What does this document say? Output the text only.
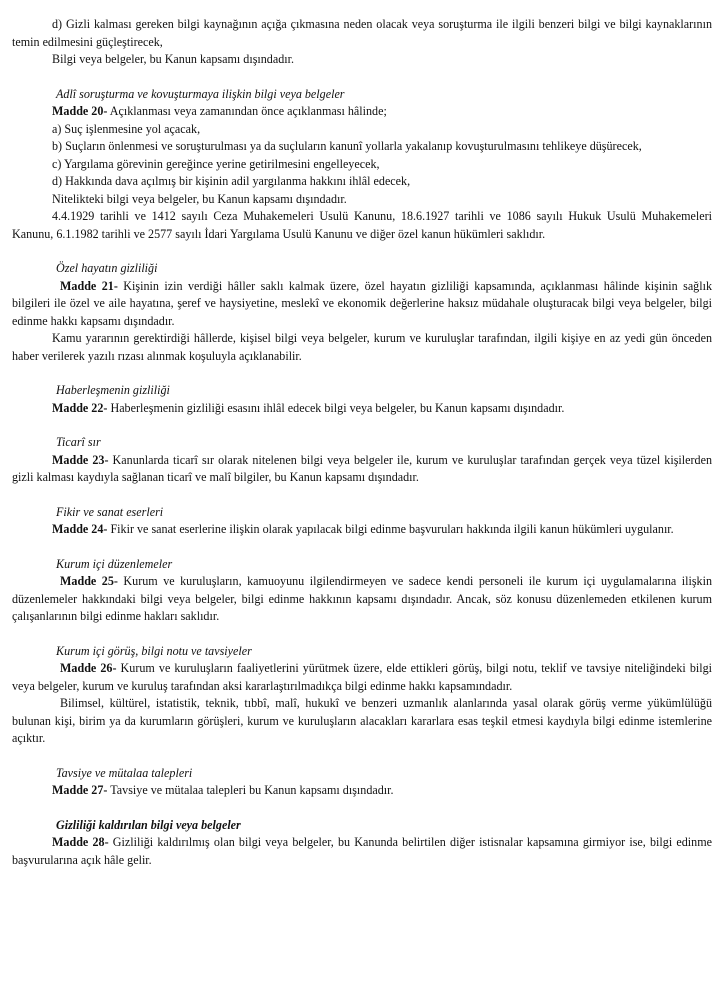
d) Gizli kalması gereken bilgi kaynağının açığa çıkmasına neden olacak veya soruşturma ile ilgili benzeri bilgi ve bilgi kaynaklarının temin edilmesini güçleştirecek,

Bilgi veya belgeler, bu Kanun kapsamı dışındadır.

Adlî soruşturma ve kovuşturmaya ilişkin bilgi veya belgeler

Madde 20- Açıklanması veya zamanından önce açıklanması hâlinde;

a) Suç işlenmesine yol açacak,

b) Suçların önlenmesi ve soruşturulması ya da suçluların kanunî yollarla yakalanıp kovuşturulmasını tehlikeye düşürecek,

c) Yargılama görevinin gereğince yerine getirilmesini engelleyecek,

d) Hakkında dava açılmış bir kişinin adil yargılanma hakkını ihlâl edecek,

Nitelikteki bilgi veya belgeler, bu Kanun kapsamı dışındadır.

4.4.1929 tarihli ve 1412 sayılı Ceza Muhakemeleri Usulü Kanunu, 18.6.1927 tarihli ve 1086 sayılı Hukuk Usulü Muhakemeleri Kanunu, 6.1.1982 tarihli ve 2577 sayılı İdari Yargılama Usulü Kanunu ve diğer özel kanun hükümleri saklıdır.

Özel hayatın gizliliği

Madde 21- Kişinin izin verdiği hâller saklı kalmak üzere, özel hayatın gizliliği kapsamında, açıklanması hâlinde kişinin sağlık bilgileri ile özel ve aile hayatına, şeref ve haysiyetine, meslekî ve ekonomik değerlerine haksız müdahale oluşturacak bilgi veya belgeler, bilgi edinme hakkı kapsamı dışındadır.

Kamu yararının gerektirdiği hâllerde, kişisel bilgi veya belgeler, kurum ve kuruluşlar tarafından, ilgili kişiye en az yedi gün önceden haber verilerek yazılı rızası alınmak koşuluyla açıklanabilir.

Haberleşmenin gizliliği

Madde 22- Haberleşmenin gizliliği esasını ihlâl edecek bilgi veya belgeler, bu Kanun kapsamı dışındadır.

Ticarî sır

Madde 23- Kanunlarda ticarî sır olarak nitelenen bilgi veya belgeler ile, kurum ve kuruluşlar tarafından gerçek veya tüzel kişilerden gizli kalması kaydıyla sağlanan ticarî ve malî bilgiler, bu Kanun kapsamı dışındadır.

Fikir ve sanat eserleri

Madde 24- Fikir ve sanat eserlerine ilişkin olarak yapılacak bilgi edinme başvuruları hakkında ilgili kanun hükümleri uygulanır.

Kurum içi düzenlemeler

Madde 25- Kurum ve kuruluşların, kamuoyunu ilgilendirmeyen ve sadece kendi personeli ile kurum içi uygulamalarına ilişkin düzenlemeler hakkındaki bilgi veya belgeler, bilgi edinme hakkının kapsamı dışındadır. Ancak, söz konusu düzenlemeden etkilenen kurum çalışanlarının bilgi edinme hakları saklıdır.

Kurum içi görüş, bilgi notu ve tavsiyeler

Madde 26- Kurum ve kuruluşların faaliyetlerini yürütmek üzere, elde ettikleri görüş, bilgi notu, teklif ve tavsiye niteliğindeki bilgi veya belgeler, kurum ve kuruluş tarafından aksi kararlaştırılmadıkça bilgi edinme hakkı kapsamındadır.

Bilimsel, kültürel, istatistik, teknik, tıbbî, malî, hukukî ve benzeri uzmanlık alanlarında yasal olarak görüş verme yükümlülüğü bulunan kişi, birim ya da kurumların görüşleri, kurum ve kuruluşların alacakları kararlara esas teşkil etmesi kaydıyla bilgi edinme istemlerine açıktır.

Tavsiye ve mütalaa talepleri

Madde 27- Tavsiye ve mütalaa talepleri bu Kanun kapsamı dışındadır.

Gizliliği kaldırılan bilgi veya belgeler

Madde 28- Gizliliği kaldırılmış olan bilgi veya belgeler, bu Kanunda belirtilen diğer istisnalar kapsamına girmiyor ise, bilgi edinme başvurularına açık hâle gelir.
